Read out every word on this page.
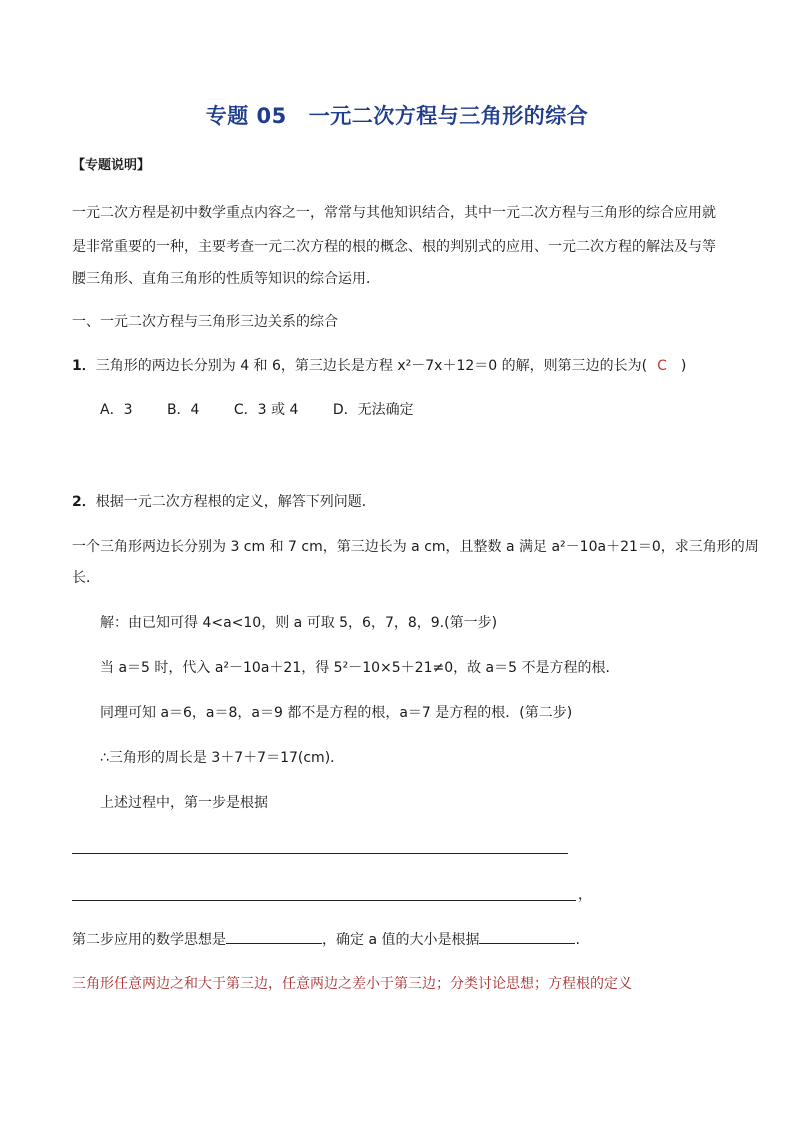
专题 05 一元二次方程与三角形的综合
【专题说明】
一元二次方程是初中数学重点内容之一，常常与其他知识结合，其中一元二次方程与三角形的综合应用就
是非常重要的一种，主要考查一元二次方程的根的概念、根的判别式的应用、一元二次方程的解法及与等
腰三角形、直角三角形的性质等知识的综合运用．
一、一元二次方程与三角形三边关系的综合
1．三角形的两边长分别为 4 和 6，第三边长是方程 x²－7x＋12＝0 的解，则第三边的长为( C )
A．3 B．4 C．3 或 4 D．无法确定
2．根据一元二次方程根的定义，解答下列问题．
一个三角形两边长分别为 3 cm 和 7 cm，第三边长为 a cm，且整数 a 满足 a²－10a＋21＝0，求三角形的周
长．
解：由已知可得 4<a<10，则 a 可取 5，6，7，8，9.(第一步)
当 a＝5 时，代入 a²－10a＋21，得 5²－10×5＋21≠0，故 a＝5 不是方程的根．
同理可知 a＝6，a＝8，a＝9 都不是方程的根，a＝7 是方程的根．(第二步)
∴三角形的周长是 3＋7＋7＝17(cm)．
上述过程中，第一步是根据
，
第二步应用的数学思想是	，确定 a 值的大小是根据	.
三角形任意两边之和大于第三边，任意两边之差小于第三边；分类讨论思想；方程根的定义
